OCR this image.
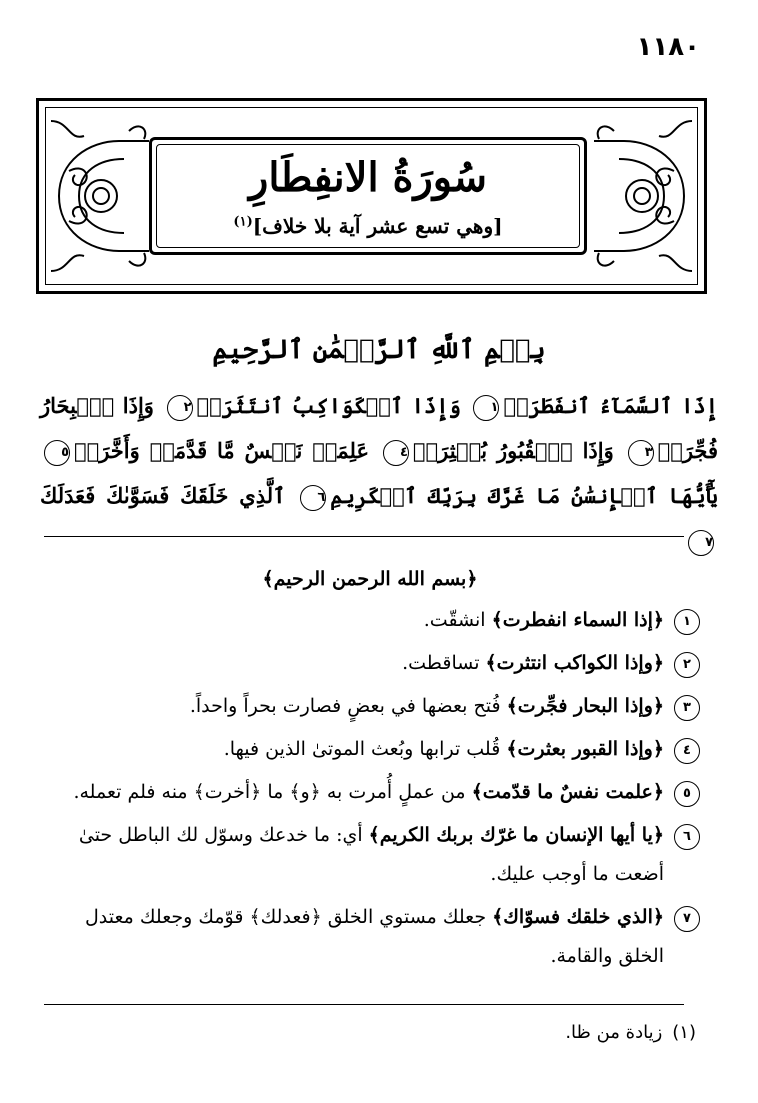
١١٨٠
سُورَةُ الانفِطَارِ
[وهي تسع عشر آية بلا خلاف]$^{(١)}$
بِسۡمِ ٱللَّهِ ٱلرَّحۡمَٰنِ ٱلرَّحِيمِ
إِذَا ٱلسَّمَآءُ ٱنفَطَرَتۡ١ وَإِذَا ٱلۡكَوَاكِبُ ٱنتَثَرَتۡ٢ وَإِذَا ٱلۡبِحَارُ فُجِّرَتۡ٣ وَإِذَا ٱلۡقُبُورُ بُعۡثِرَتۡ٤ عَلِمَتۡ نَفۡسٌ مَّا قَدَّمَتۡ وَأَخَّرَتۡ٥ يَٰٓأَيُّهَا ٱلۡإِنسَٰنُ مَا غَرَّكَ بِرَبِّكَ ٱلۡكَرِيمِ٦ ٱلَّذِي خَلَقَكَ فَسَوَّىٰكَ فَعَدَلَكَ٧
﴿بسم الله الرحمن الرحيم﴾
١
﴿إذا السماء انفطرت﴾ انشقّت.
٢
﴿وإذا الكواكب انتثرت﴾ تساقطت.
٣
﴿وإذا البحار فجِّرت﴾ فُتح بعضها في بعضٍ فصارت بحراً واحداً.
٤
﴿وإذا القبور بعثرت﴾ قُلب ترابها وبُعث الموتىٰ الذين فيها.
٥
﴿علمت نفسٌ ما قدّمت﴾ من عملٍ أُمرت به ﴿و﴾ ما ﴿أخرت﴾ منه فلم تعمله.
٦
﴿يا أيها الإنسان ما غرّك بربك الكريم﴾ أي: ما خدعك وسوّل لك الباطل حتىٰ أضعت ما أوجب عليك.
٧
﴿الذي خلقك فسوّاك﴾ جعلك مستوي الخلق ﴿فعدلك﴾ قوّمك وجعلك معتدل الخلق والقامة.
(١)زيادة من ظا.
